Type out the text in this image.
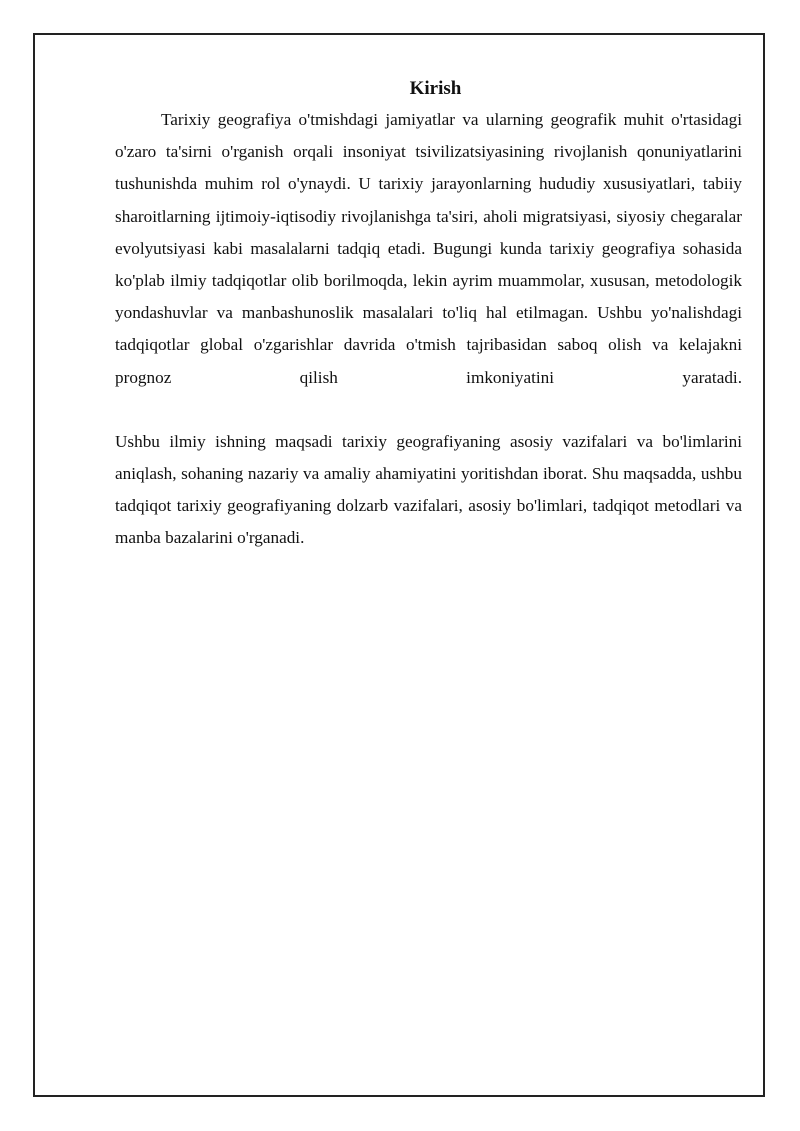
Kirish

Tarixiy geografiya o'tmishdagi jamiyatlar va ularning geografik muhit o'rtasidagi o'zaro ta'sirni o'rganish orqali insoniyat tsivilizatsiyasining rivojlanish qonuniyatlarini tushunishda muhim rol o'ynaydi. U tarixiy jarayonlarning hududiy xususiyatlari, tabiiy sharoitlarning ijtimoiy-iqtisodiy rivojlanishga ta'siri, aholi migratsiyasi, siyosiy chegaralar evolyutsiyasi kabi masalalarni tadqiq etadi. Bugungi kunda tarixiy geografiya sohasida ko'plab ilmiy tadqiqotlar olib borilmoqda, lekin ayrim muammolar, xususan, metodologik yondashuvlar va manbashunoslik masalalari to'liq hal etilmagan. Ushbu yo'nalishdagi tadqiqotlar global o'zgarishlar davrida o'tmish tajribasidan saboq olish va kelajakni prognoz qilish imkoniyatini yaratadi.

Ushbu ilmiy ishning maqsadi tarixiy geografiyaning asosiy vazifalari va bo'limlarini aniqlash, sohaning nazariy va amaliy ahamiyatini yoritishdan iborat. Shu maqsadda, ushbu tadqiqot tarixiy geografiyaning dolzarb vazifalari, asosiy bo'limlari, tadqiqot metodlari va manba bazalarini o'rganadi.
